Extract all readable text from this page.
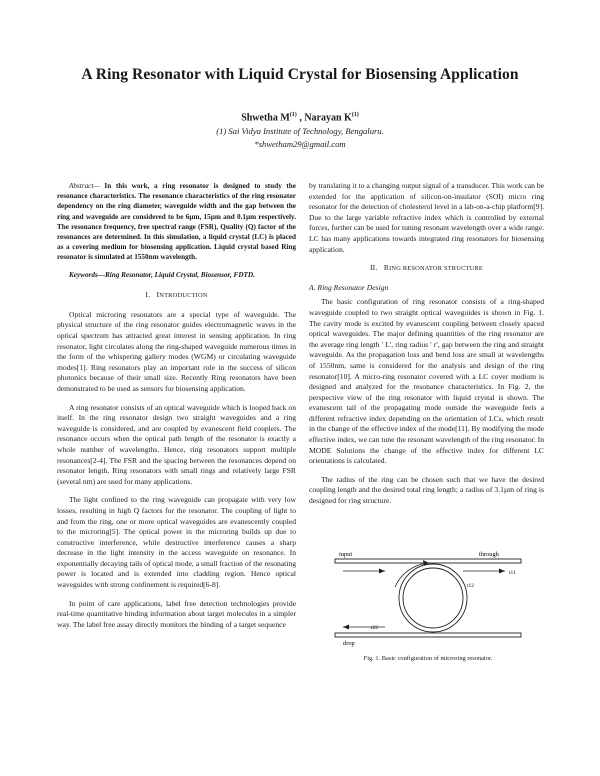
A Ring Resonator with Liquid Crystal for Biosensing Application
Shwetha $M^{(1)}$ , Narayan $K^{(1)}$
(1) Sai Vidya Institute of Technology, Bengaluru.
*shwetham29@gmail.com

Abstract— In this work, a ring resonator is designed to study the resonance characteristics. The resonance characteristics of the ring resonator dependency on the ring diameter, waveguide width and the gap between the ring and waveguide are considered to be 6µm, 15µm and 0.1µm respectively. The resonance frequency, free spectral range (FSR), Quality (Q) factor of the resonances are determined. In this simulation, a liquid crystal (LC) is placed as a covering medium for biosensing application. Liquid crystal based Ring resonator is simulated at 1550nm wavelength.

Keywords—Ring Resonator, Liquid Crystal, Biosensor, FDTD.

I. INTRODUCTION

Optical microring resonators are a special type of waveguide. The physical structure of the ring resonator guides electromagnetic waves in the optical spectrum has attracted great interest in sensing application. In ring resonator, light circulates along the ring-shaped waveguide numerous times in the form of the whispering gallery modes (WGM) or circulating waveguide modes[1]. Ring resonators play an important role in the success of silicon photonics because of their small size. Recently Ring resonators have been demonstrated to be used as sensors for biosensing application.

A ring resonator consists of an optical waveguide which is looped back on itself. In the ring resonator design two straight waveguides and a ring waveguide is considered, and are coupled by evanescent field couplers. The resonance occurs when the optical path length of the resonator is exactly a whole number of wavelengths. Hence, ring resonators support multiple resonances[2-4]. The FSR and the spacing between the resonances depend on resonator length. Ring resonators with small rings and relatively large FSR (several nm) are used for many applications.

The light confined to the ring waveguide can propagate with very low losses, resulting in high Q factors for the resonator. The coupling of light to and from the ring, one or more optical waveguides are evanescently coupled to the microring[5]. The optical power in the microring builds up due to constructive interference, while destructive interference causes a sharp decrease in the light intensity in the access waveguide on resonance. In exponentially decaying tails of optical mode, a small fraction of the resonating power is located and is extended into cladding region. Hence optical waveguides with strong confinement is required[6-8].

In point of care applications, label free detection technologies provide real-time quantitative binding information about target molecules in a simpler way. The label free assay directly monitors the binding of a target sequence

by translating it to a changing output signal of a transducer. This work can be extended for the application of silicon-on-insulator (SOI) micro ring resonator for the detection of cholesterol level in a lab-on-a-chip platform[9]. Due to the large variable refractive index which is controlled by external forces, further can be used for tuning resonant wavelength over a wide range. LC has many applications towards integrated ring resonators for biosensing application.

II. RING RESONATOR STRUCTURE
A. Ring Resonator Design

The basic configuration of ring resonator consists of a ring-shaped waveguide coupled to two straight optical waveguides is shown in Fig. 1. The cavity mode is excited by evanescent coupling between closely spaced optical waveguides. The major defining quantities of the ring resonator are the average ring length ' L', ring radius ' r', gap between the ring and straight waveguide. As the propagation loss and bend loss are small at wavelengths of 1550nm, same is considered for the analysis and design of the ring resonator[10]. A micro-ring resonator covered with a LC cover medium is designed and analyzed for the resonance characteristics. In Fig. 2, the perspective view of the ring resonator with liquid crystal is shown. The evanescent tail of the propagating mode outside the waveguide feels a different refractive index depending on the orientation of LCs, which result in the change of the effective index of the mode[11]. By modifying the mode effective index, we can tune the resonant wavelength of the ring resonator. In MODE Solutions the change of the effective index for different LC orientations is calculated.

The radius of the ring can be chosen such that we have the desired coupling length and the desired total ring length; a radius of 3.1µm of ring is designed for ring structure.

input	through
drop
t11
t12
t22
Fig. 1. Basic configuration of microring resonator.
